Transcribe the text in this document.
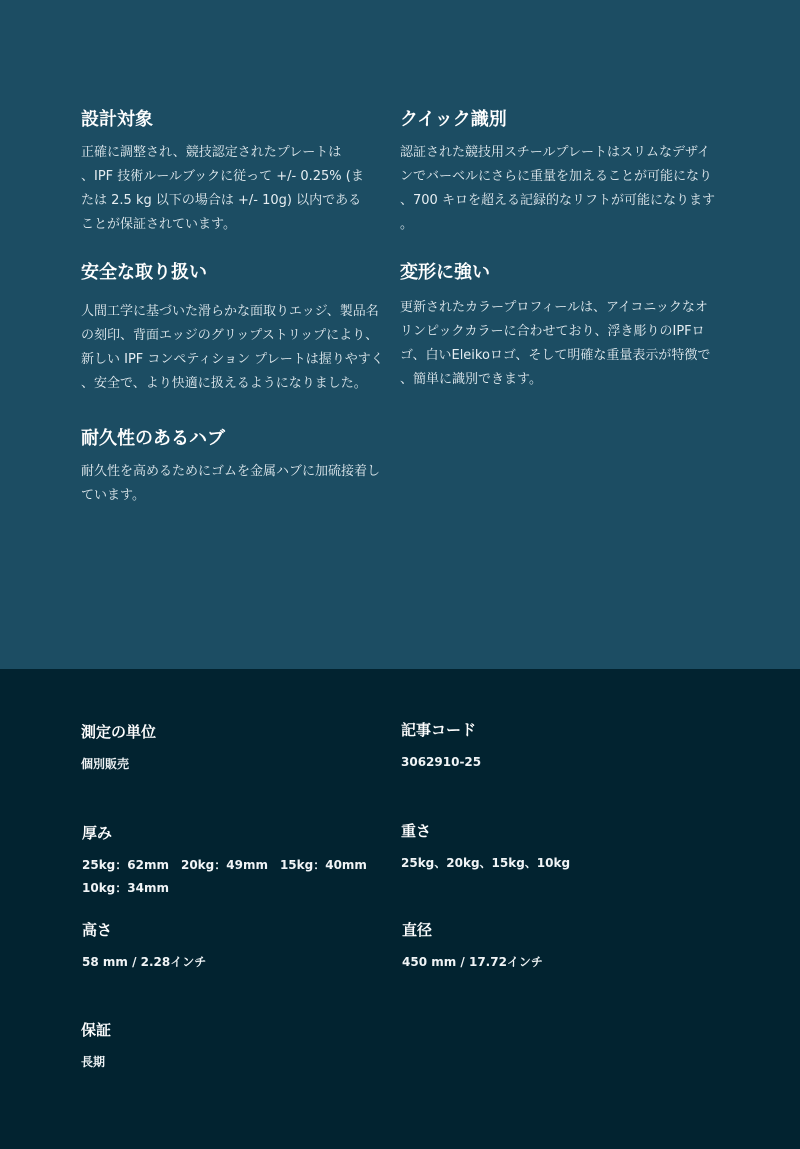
設計対象

正確に調整され、競技認定されたプレートは
、IPF 技術ルールブックに従って +/- 0.25% (ま
たは 2.5 kg 以下の場合は +/- 10g) 以内である
ことが保証されています。

クイック識別

認証された競技用スチールプレートはスリムなデザイ
ンでバーベルにさらに重量を加えることが可能になり
、700 キロを超える記録的なリフトが可能になります
。

安全な取り扱い

人間工学に基づいた滑らかな面取りエッジ、製品名
の刻印、背面エッジのグリップストリップにより、
新しい IPF コンペティション プレートは握りやすく
、安全で、より快適に扱えるようになりました。

変形に強い

更新されたカラープロフィールは、アイコニックなオ
リンピックカラーに合わせており、浮き彫りのIPFロ
ゴ、白いEleikoロゴ、そして明確な重量表示が特徴で
、簡単に識別できます。

耐久性のあるハブ

耐久性を高めるためにゴムを金属ハブに加硫接着し
ています。

測定の単位
個別販売
記事コード
3062910-25
厚み
25kg：62mm　20kg：49mm　15kg：40mm
10kg：34mm
重さ
25kg、20kg、15kg、10kg
高さ
58 mm / 2.28インチ
直径
450 mm / 17.72インチ
保証
長期
